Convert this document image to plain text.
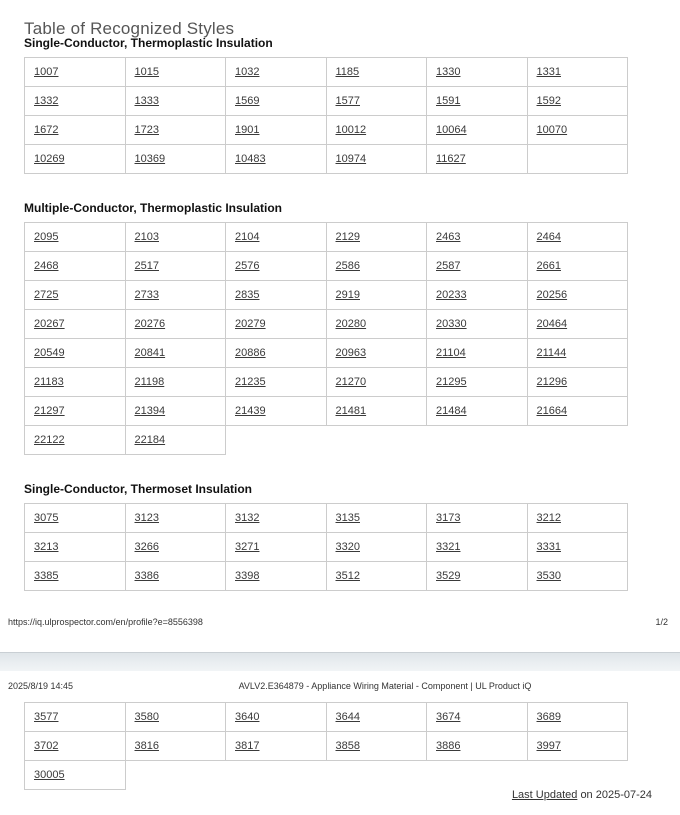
Table of Recognized Styles
Single-Conductor, Thermoplastic Insulation
1007	1015	1032	1185	1330	1331
1332	1333	1569	1577	1591	1592
1672	1723	1901	10012	10064	10070
10269	10369	10483	10974	11627	
Multiple-Conductor, Thermoplastic Insulation
2095	2103	2104	2129	2463	2464
2468	2517	2576	2586	2587	2661
2725	2733	2835	2919	20233	20256
20267	20276	20279	20280	20330	20464
20549	20841	20886	20963	21104	21144
21183	21198	21235	21270	21295	21296
21297	21394	21439	21481	21484	21664
22122	22184				
Single-Conductor, Thermoset Insulation
3075	3123	3132	3135	3173	3212
3213	3266	3271	3320	3321	3331
3385	3386	3398	3512	3529	3530
https://iq.ulprospector.com/en/profile?e=8556398	1/2
2025/8/19 14:45	AVLV2.E364879 - Appliance Wiring Material - Component | UL Product iQ
3577	3580	3640	3644	3674	3689
3702	3816	3817	3858	3886	3997
30005					
Last Updated on 2025-07-24
